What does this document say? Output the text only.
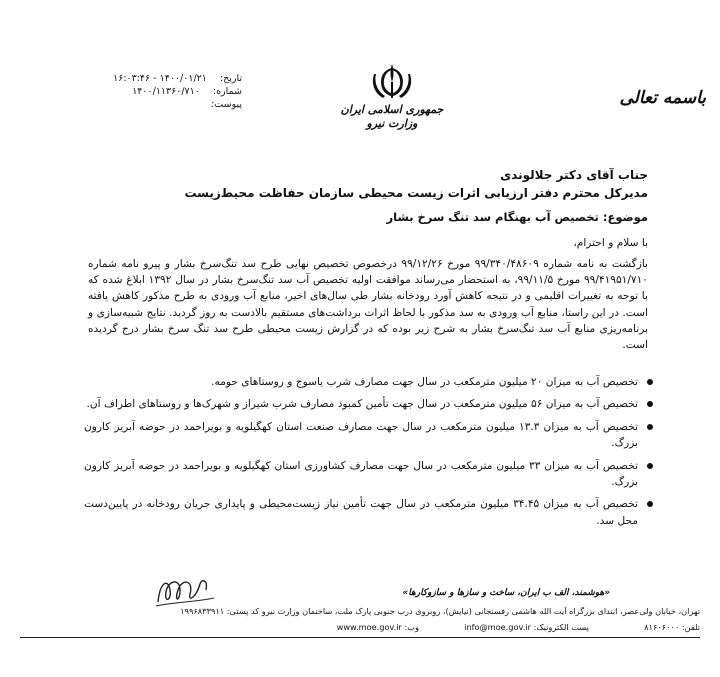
باسمه تعالی
جمهوری اسلامی ایران
وزارت نیرو
تاریخ: ۱۴۰۰/۰۱/۲۱ - ۱۶:۰۳:۴۶
شماره: ۱۴۰۰/۱۱۳۶۰/۷۱۰
پیوست:
جناب آقای دکتر جلالوندی
مدیرکل محترم دفتر ارزیابی اثرات زیست محیطی سازمان حفاظت محیط‌زیست
موضوع: تخصیص آب بهنگام سد تنگ سرخ بشار
با سلام و احترام،
بازگشت به نامه شماره ۹۹/۳۴۰/۴۸۶۰۹ مورخ ۹۹/۱۲/۲۶ درخصوص تخصیص نهایی طرح سد تنگ‌سرخ بشار و پیرو نامه شماره ۹۹/۴۱۹۵۱/۷۱۰ مورخ ۹۹/۱۱/۵، به استحضار می‌رساند موافقت اولیه تخصیص آب سد تنگ‌سرخ بشار در سال ۱۳۹۲ ابلاغ شده که با توجه به تغییرات اقلیمی و در نتیجه کاهش آورد رودخانه بشار طی سال‌های اخیر، منابع آب ورودی به طرح مذکور کاهش یافته است. در این راستا، منابع آب ورودی به سد مذکور با لحاظ اثرات برداشت‌های مستقیم بالادست به روز گردید. نتایج شبیه‌سازی و برنامه‌ریزی منابع آب سد تنگ‌سرخ بشار به شرح زیر بوده که در گزارش زیست محیطی طرح سد تنگ سرخ بشار درج گردیده است.
تخصیص آب به میزان ۲۰ میلیون مترمکعب در سال جهت مصارف شرب یاسوج و روستاهای حومه.
تخصیص آب به میزان ۵۶ میلیون مترمکعب در سال جهت تأمین کمبود مصارف شرب شیراز و شهرک‌ها و روستاهای اطراف آن.
تخصیص آب به میزان ۱۳.۳ میلیون مترمکعب در سال جهت مصارف صنعت استان کهگیلویه و بویراحمد در حوضه آبریز کارون بزرگ.
تخصیص آب به میزان ۳۳ میلیون مترمکعب در سال جهت مصارف کشاورزی استان کهگیلویه و بویراحمد در حوضه آبریز کارون بزرگ.
تخصیص آب به میزان ۳۴.۴۵ میلیون مترمکعب در سال جهت تأمین نیاز زیست‌محیطی و پایداری جریان رودخانه در پایین‌دست محل سد.
«هوشمند، الف ب ایران، ساخت و سازها و سازوکارها»
تهران، خیابان ولی‌عصر، ابتدای بزرگراه آیت الله هاشمی رفسنجانی (نیایش)، روبروی درب جنوبی پارک ملت، ساختمان وزارت نیرو کد پستی: ۱۹۹۶۸۳۳۹۱۱
تلفن: ۸۱۶۰۶۰۰۰  پست الکترونیک: info@moe.gov.ir  وب: www.moe.gov.ir
